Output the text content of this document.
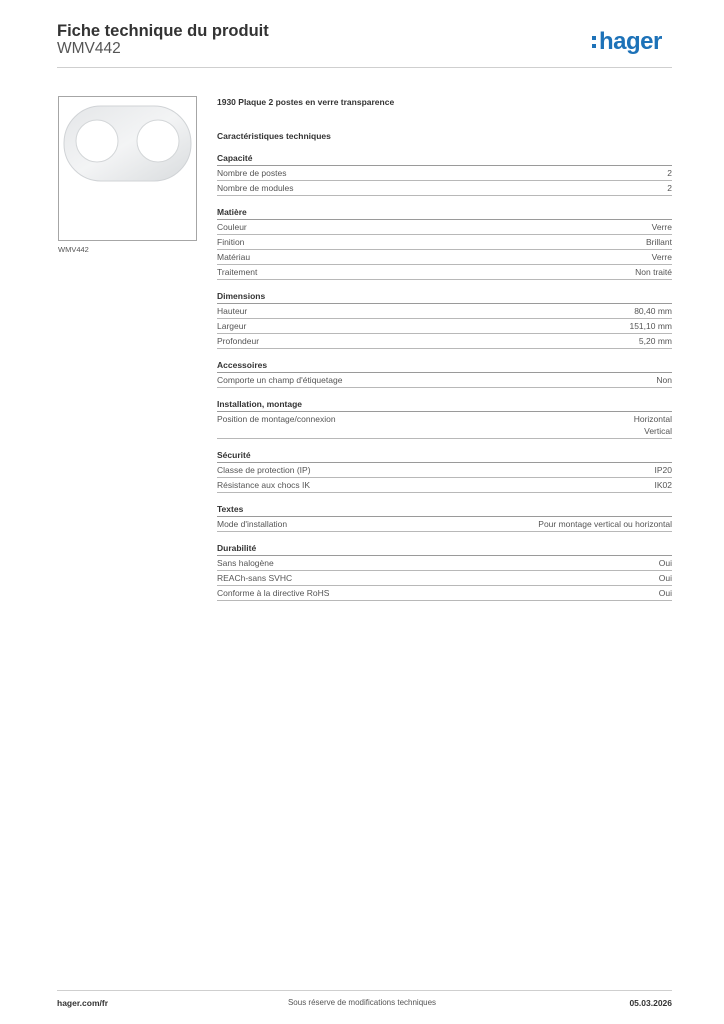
Fiche technique du produit
WMV442	hager
WMV442
1930 Plaque 2 postes en verre transparence
Caractéristiques techniques
Capacité
Nombre de postes	2
Nombre de modules	2
Matière
Couleur	Verre
Finition	Brillant
Matériau	Verre
Traitement	Non traité
Dimensions
Hauteur	80,40 mm
Largeur	151,10 mm
Profondeur	5,20 mm
Accessoires
Comporte un champ d'étiquetage	Non
Installation, montage
Position de montage/connexion	Horizontal
Vertical
Sécurité
Classe de protection (IP)	IP20
Résistance aux chocs IK	IK02
Textes
Mode d'installation	Pour montage vertical ou horizontal
Durabilité
Sans halogène	Oui
REACh-sans SVHC	Oui
Conforme à la directive RoHS	Oui
hager.com/fr	Sous réserve de modifications techniques	05.03.2026
